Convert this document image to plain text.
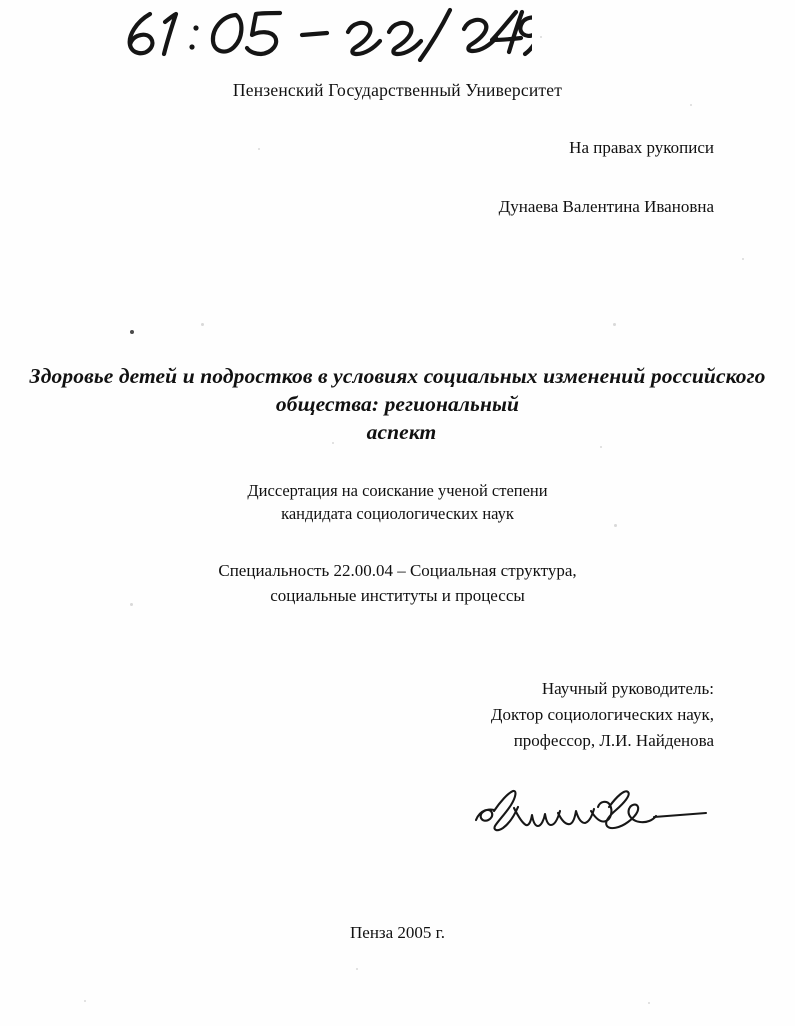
Пензенский Государственный Университет
На правах рукописи
Дунаева Валентина Ивановна
Здоровье детей и подростков в условиях социальных изменений российского общества: региональный
аспект
Диссертация на соискание ученой степени
кандидата социологических наук
Специальность 22.00.04 – Социальная структура,
социальные институты и процессы
Научный руководитель:
Доктор социологических наук,
профессор, Л.И. Найденова
Пенза 2005 г.
